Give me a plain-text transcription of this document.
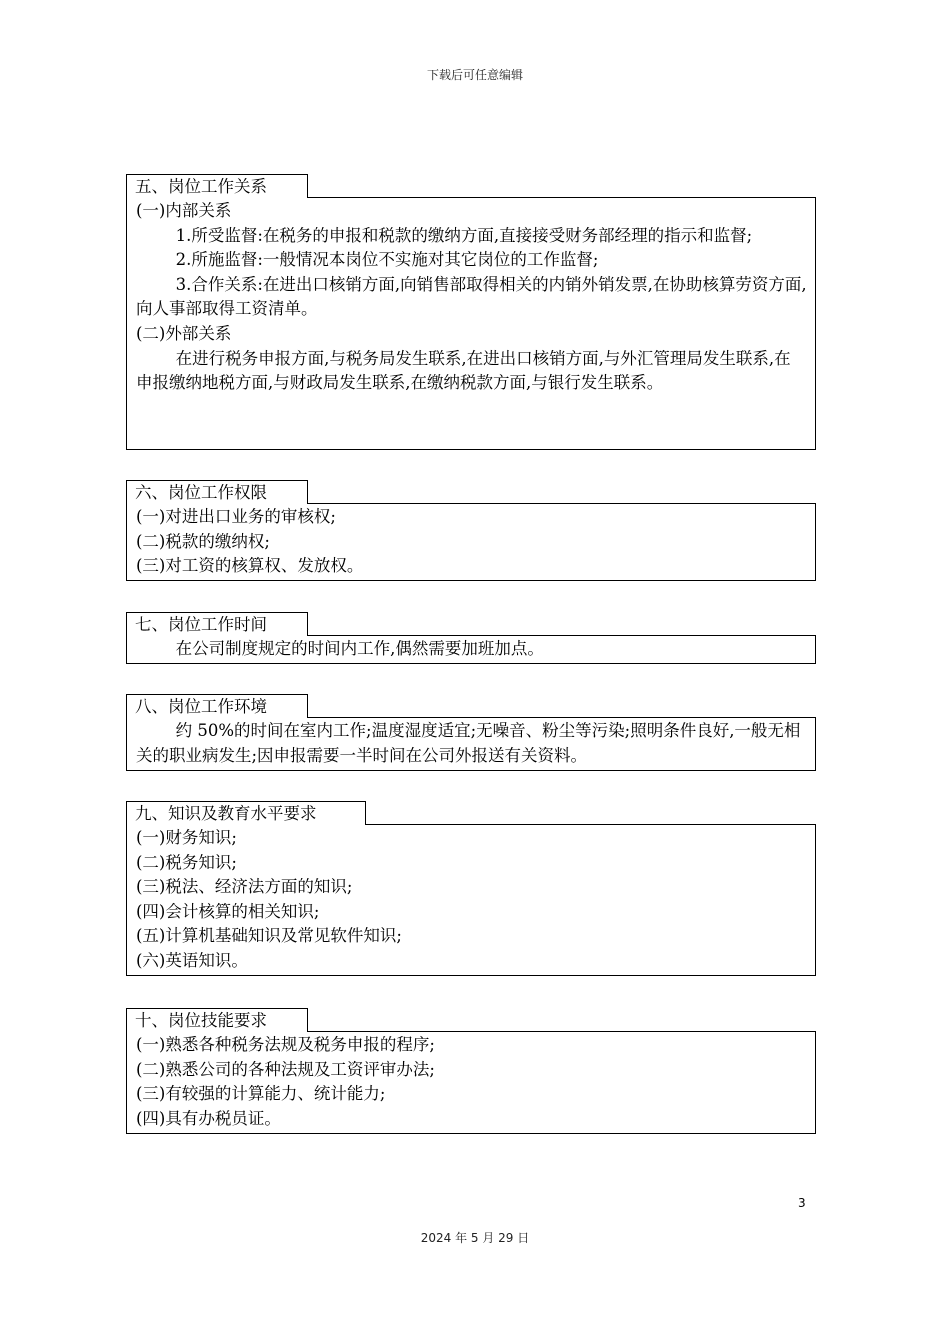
下载后可任意编辑
五、岗位工作关系

(一)内部关系

1.所受监督:在税务的申报和税款的缴纳方面,直接接受财务部经理的指示和监督;

2.所施监督:一般情况本岗位不实施对其它岗位的工作监督;

3.合作关系:在进出口核销方面,向销售部取得相关的内销外销发票,在协助核算劳资方面,向人事部取得工资清单。

(二)外部关系

在进行税务申报方面,与税务局发生联系,在进出口核销方面,与外汇管理局发生联系,在申报缴纳地税方面,与财政局发生联系,在缴纳税款方面,与银行发生联系。

六、岗位工作权限

(一)对进出口业务的审核权;

(二)税款的缴纳权;

(三)对工资的核算权、发放权。

七、岗位工作时间

在公司制度规定的时间内工作,偶然需要加班加点。

八、岗位工作环境

约 50%的时间在室内工作;温度湿度适宜;无噪音、粉尘等污染;照明条件良好,一般无相关的职业病发生;因申报需要一半时间在公司外报送有关资料。

九、知识及教育水平要求

(一)财务知识;

(二)税务知识;

(三)税法、经济法方面的知识;

(四)会计核算的相关知识;

(五)计算机基础知识及常见软件知识;

(六)英语知识。

十、岗位技能要求

(一)熟悉各种税务法规及税务申报的程序;

(二)熟悉公司的各种法规及工资评审办法;

(三)有较强的计算能力、统计能力;

(四)具有办税员证。

3
2024 年 5 月 29 日
